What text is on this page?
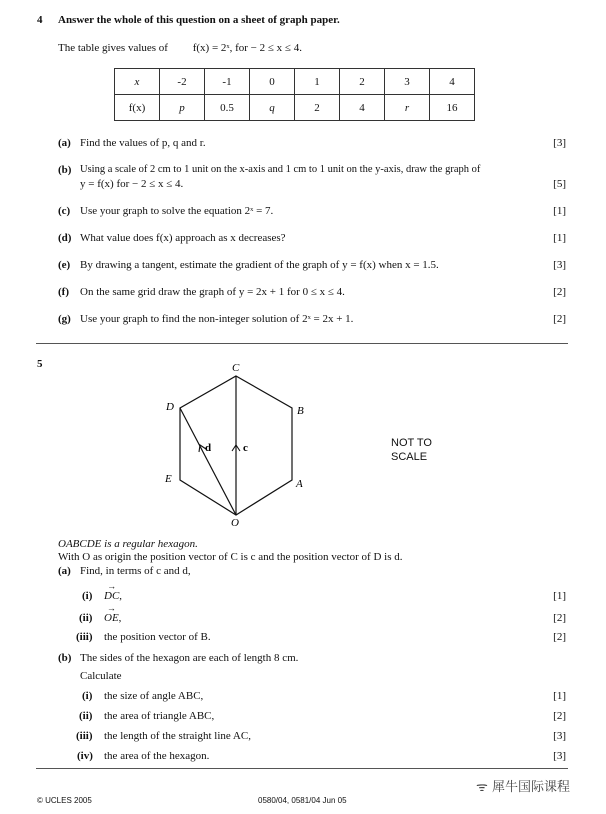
4 Answer the whole of this question on a sheet of graph paper.
The table gives values of f(x) = 2ˣ, for − 2 ≤ x ≤ 4.
x	-2	-1	0	1	2	3	4
f(x)	p	0.5	q	2	4	r	16
(a) Find the values of p, q and r.	[3]
(b) Using a scale of 2 cm to 1 unit on the x-axis and 1 cm to 1 unit on the y-axis, draw the graph of
y = f(x) for − 2 ≤ x ≤ 4.	[5]
(c) Use your graph to solve the equation 2ˣ = 7.	[1]
(d) What value does f(x) approach as x decreases?	[1]
(e) By drawing a tangent, estimate the gradient of the graph of y = f(x) when x = 1.5.	[3]
(f) On the same grid draw the graph of y = 2x + 1 for 0 ≤ x ≤ 4.	[2]
(g) Use your graph to find the non-integer solution of 2ˣ = 2x + 1.	[2]
5	C
B
A
O
E
D
d	c	NOT TO
SCALE
OABCDE is a regular hexagon.
With O as origin the position vector of C is c and the position vector of D is d.
(a) Find, in terms of c and d,
(i) → DC,	[1]
(ii) → OE,	[2]
(iii) the position vector of B.	[2]
(b) The sides of the hexagon are each of length 8 cm.
Calculate
(i) the size of angle ABC,	[1]
(ii) the area of triangle ABC,	[2]
(iii) the length of the straight line AC,	[3]
(iv) the area of the hexagon.	[3]
© UCLES 2005	0580/04, 0581/04 Jun 05
ᯤ 犀牛国际课程
